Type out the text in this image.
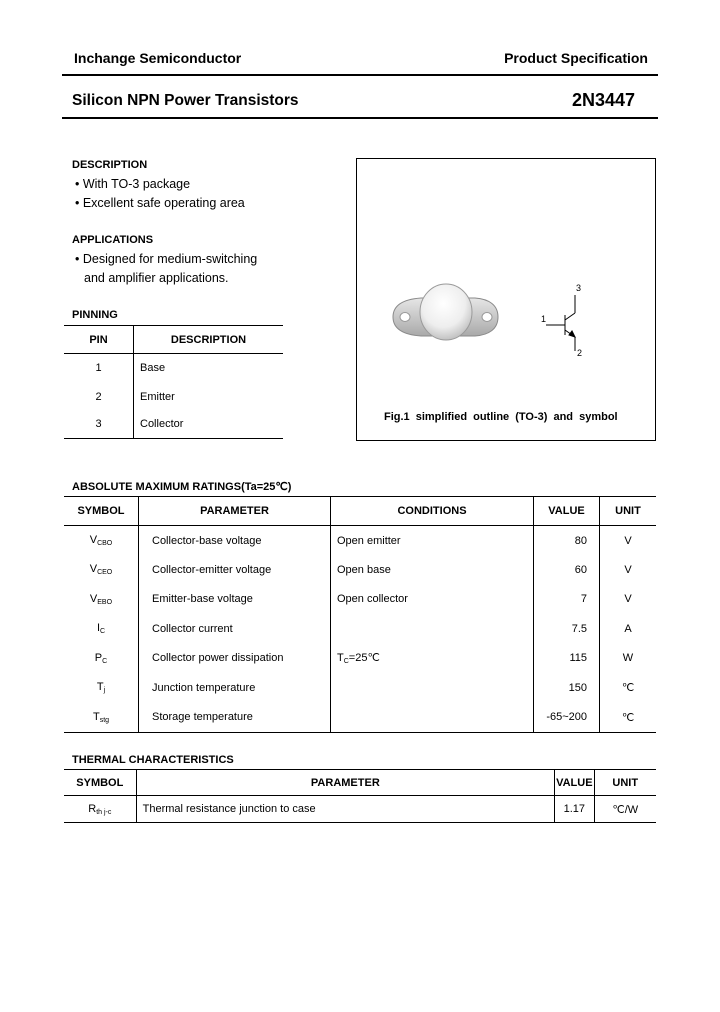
Inchange Semiconductor	Product Specification
Silicon NPN Power Transistors	2N3447
DESCRIPTION
• With TO-3 package
• Excellent safe operating area
APPLICATIONS
• Designed for medium-switching
and amplifier applications.
PINNING
PIN	DESCRIPTION
1	Base
2	Emitter
3	Collector
1
2
3
Fig.1 simplified outline (TO-3) and symbol
ABSOLUTE MAXIMUM RATINGS(Ta=25℃)
SYMBOL	PARAMETER	CONDITIONS	VALUE	UNIT
$V_{CBO}$	Collector-base voltage	Open emitter	80	V
$V_{CEO}$	Collector-emitter voltage	Open base	60	V
$V_{EBO}$	Emitter-base voltage	Open collector	7	V
$I_C$	Collector current		7.5	A
$P_C$	Collector power dissipation	$T_C=25℃$	115	W
$T_j$	Junction temperature		150	℃
$T_{stg}$	Storage temperature		-65~200	℃
THERMAL CHARACTERISTICS
SYMBOL	PARAMETER	VALUE	UNIT
$R_{th j-c}$	Thermal resistance junction to case	1.17	℃/W
